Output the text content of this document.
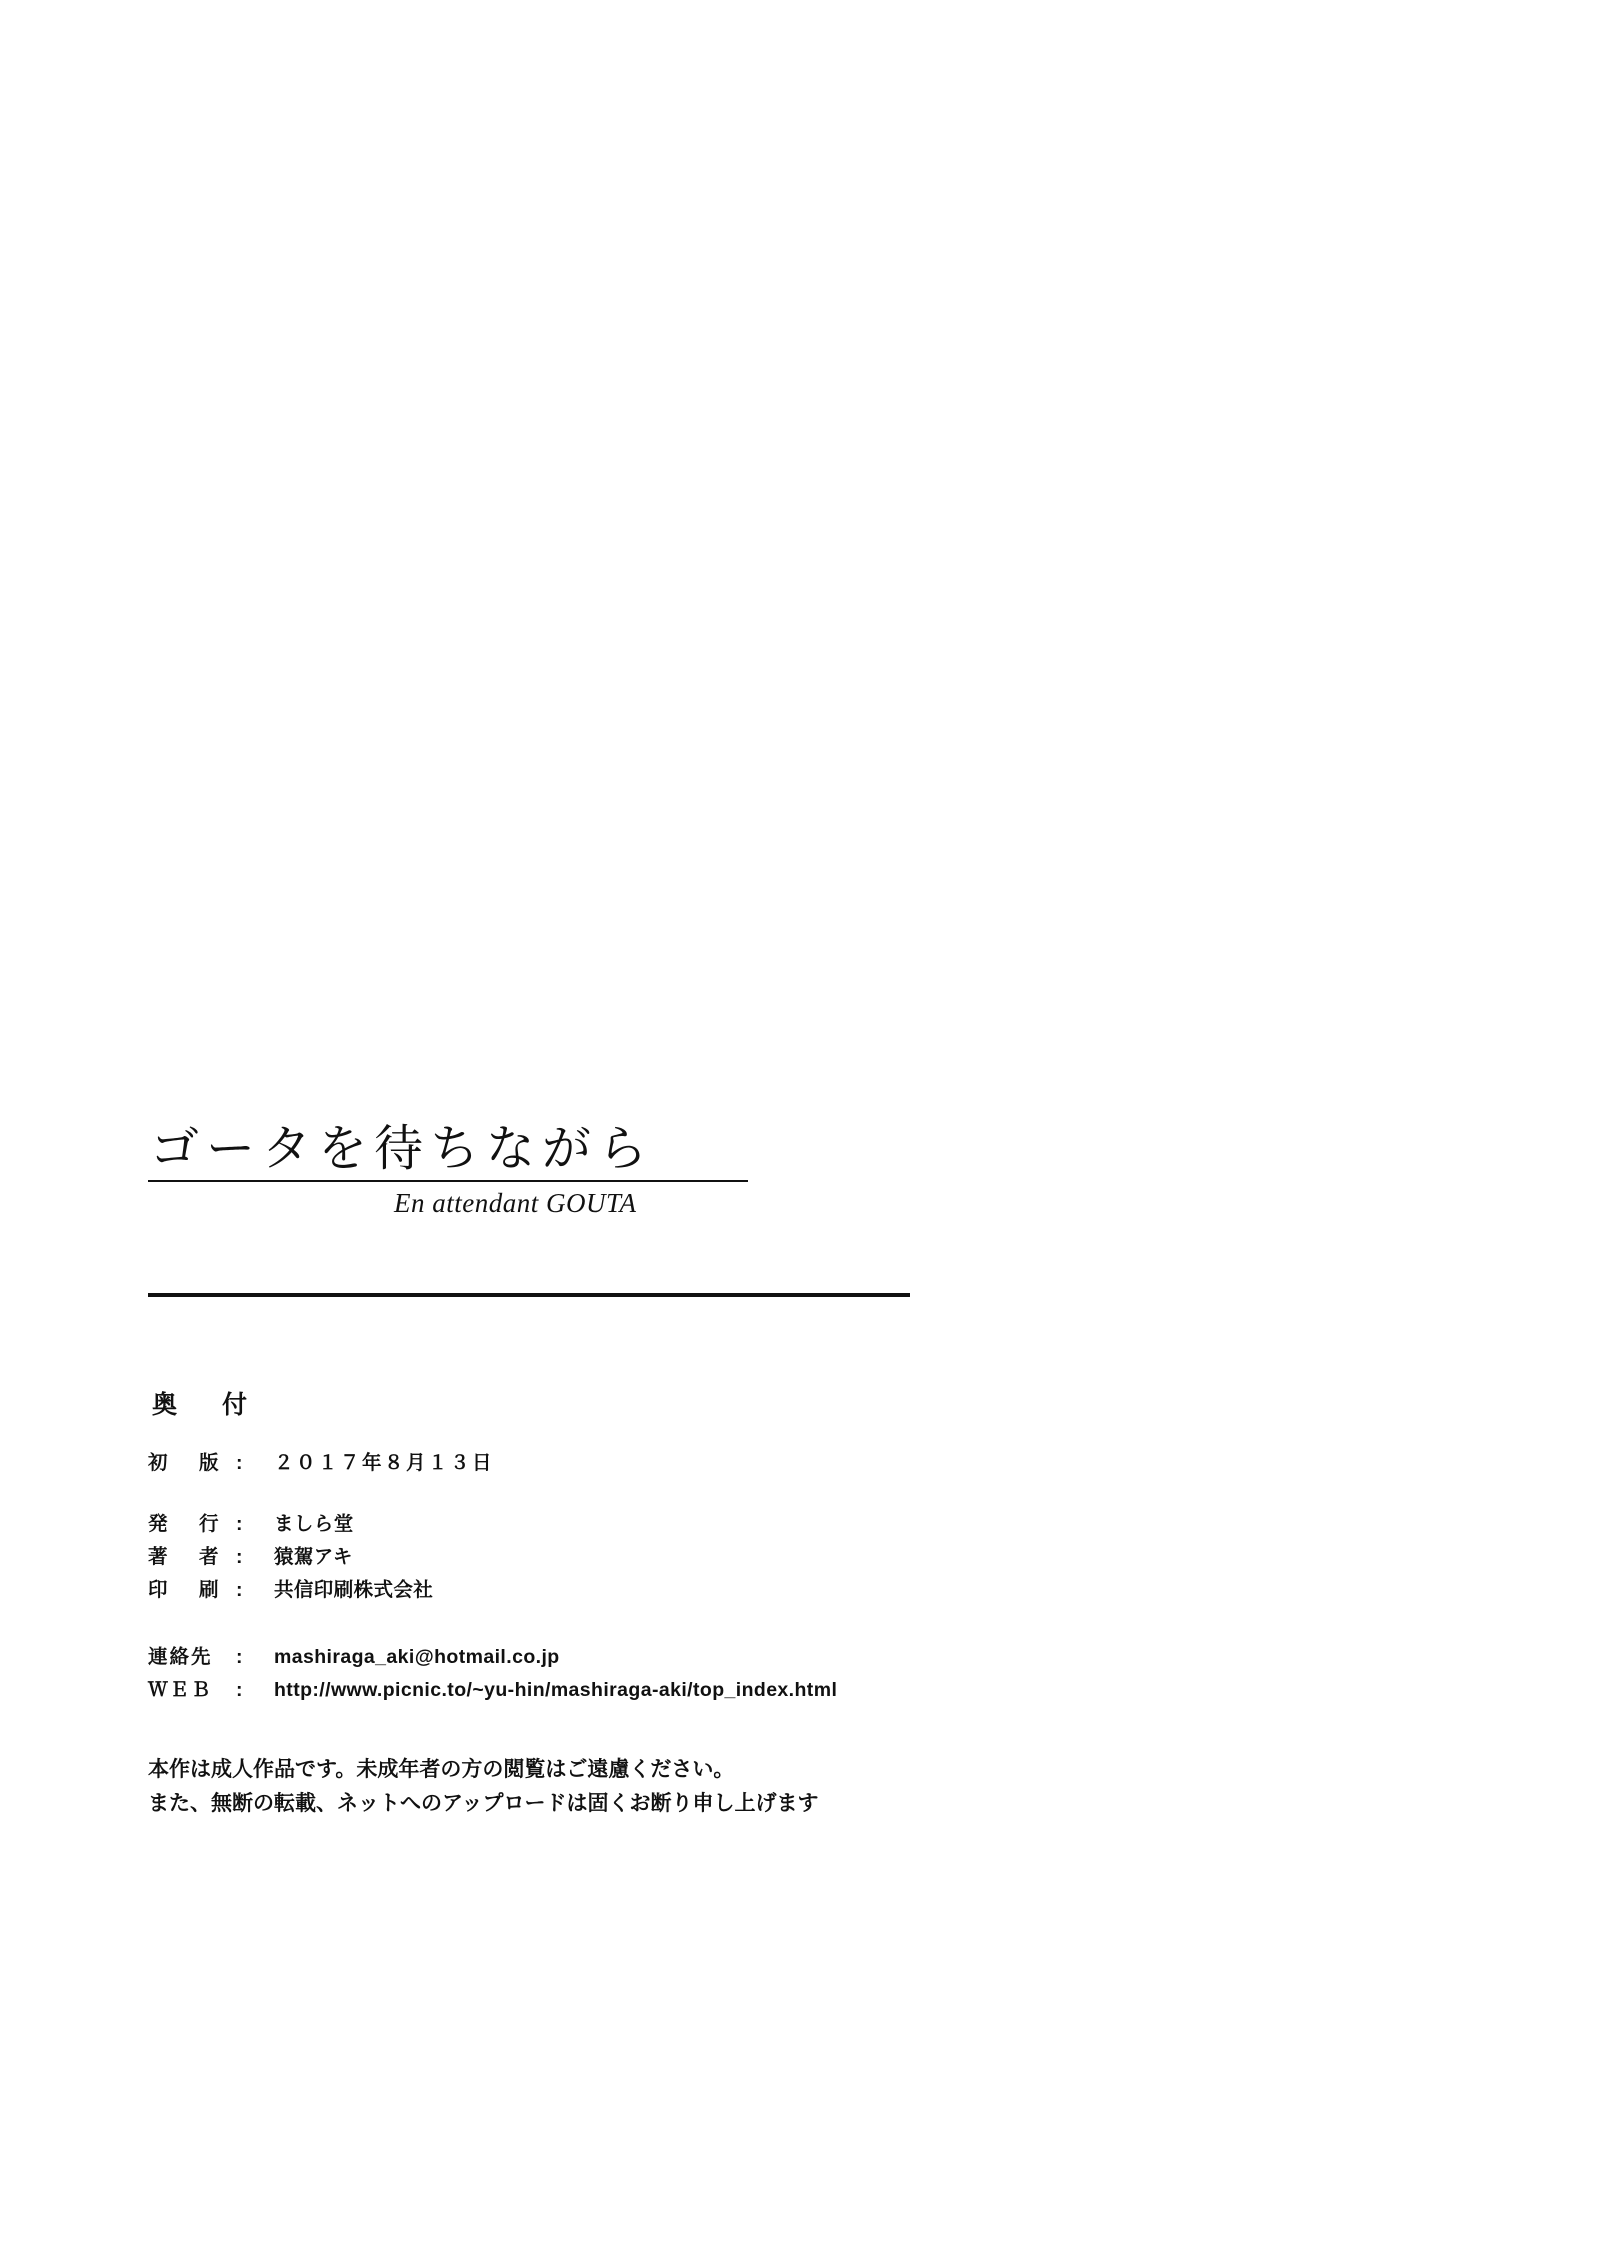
ゴータを待ちながら
En attendant GOUTA
奥　付
初　版 : ２０１７年８月１３日
発　行 : ましら堂
著　者 : 猿駕アキ
印　刷 : 共信印刷株式会社
連絡先 : mashiraga_aki@hotmail.co.jp
ＷＥＢ : http://www.picnic.to/~yu-hin/mashiraga-aki/top_index.html
本作は成人作品です。未成年者の方の閲覧はご遠慮ください。
また、無断の転載、ネットへのアップロードは固くお断り申し上げます
